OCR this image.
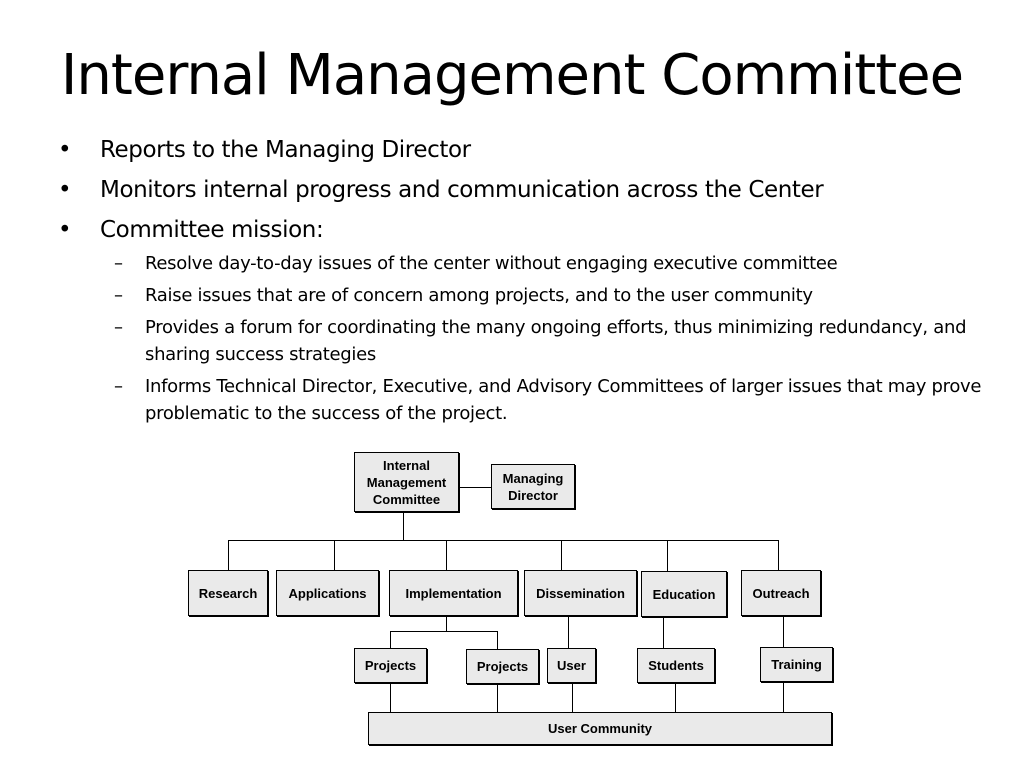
Internal Management Committee
• Reports to the Managing Director
• Monitors internal progress and communication across the Center
• Committee mission:
– Resolve day-to-day issues of the center without engaging executive committee
– Raise issues that are of concern among projects, and to the user community
– Provides a forum for coordinating the many ongoing efforts, thus minimizing redundancy, and sharing success strategies
– Informs Technical Director, Executive, and Advisory Committees of larger issues that may prove problematic to the success of the project.
Internal
Management
Committee
Managing
Director
Research	Applications	Implementation	Dissemination	Education	Outreach
Projects	Projects	User	Students	Training
User Community
